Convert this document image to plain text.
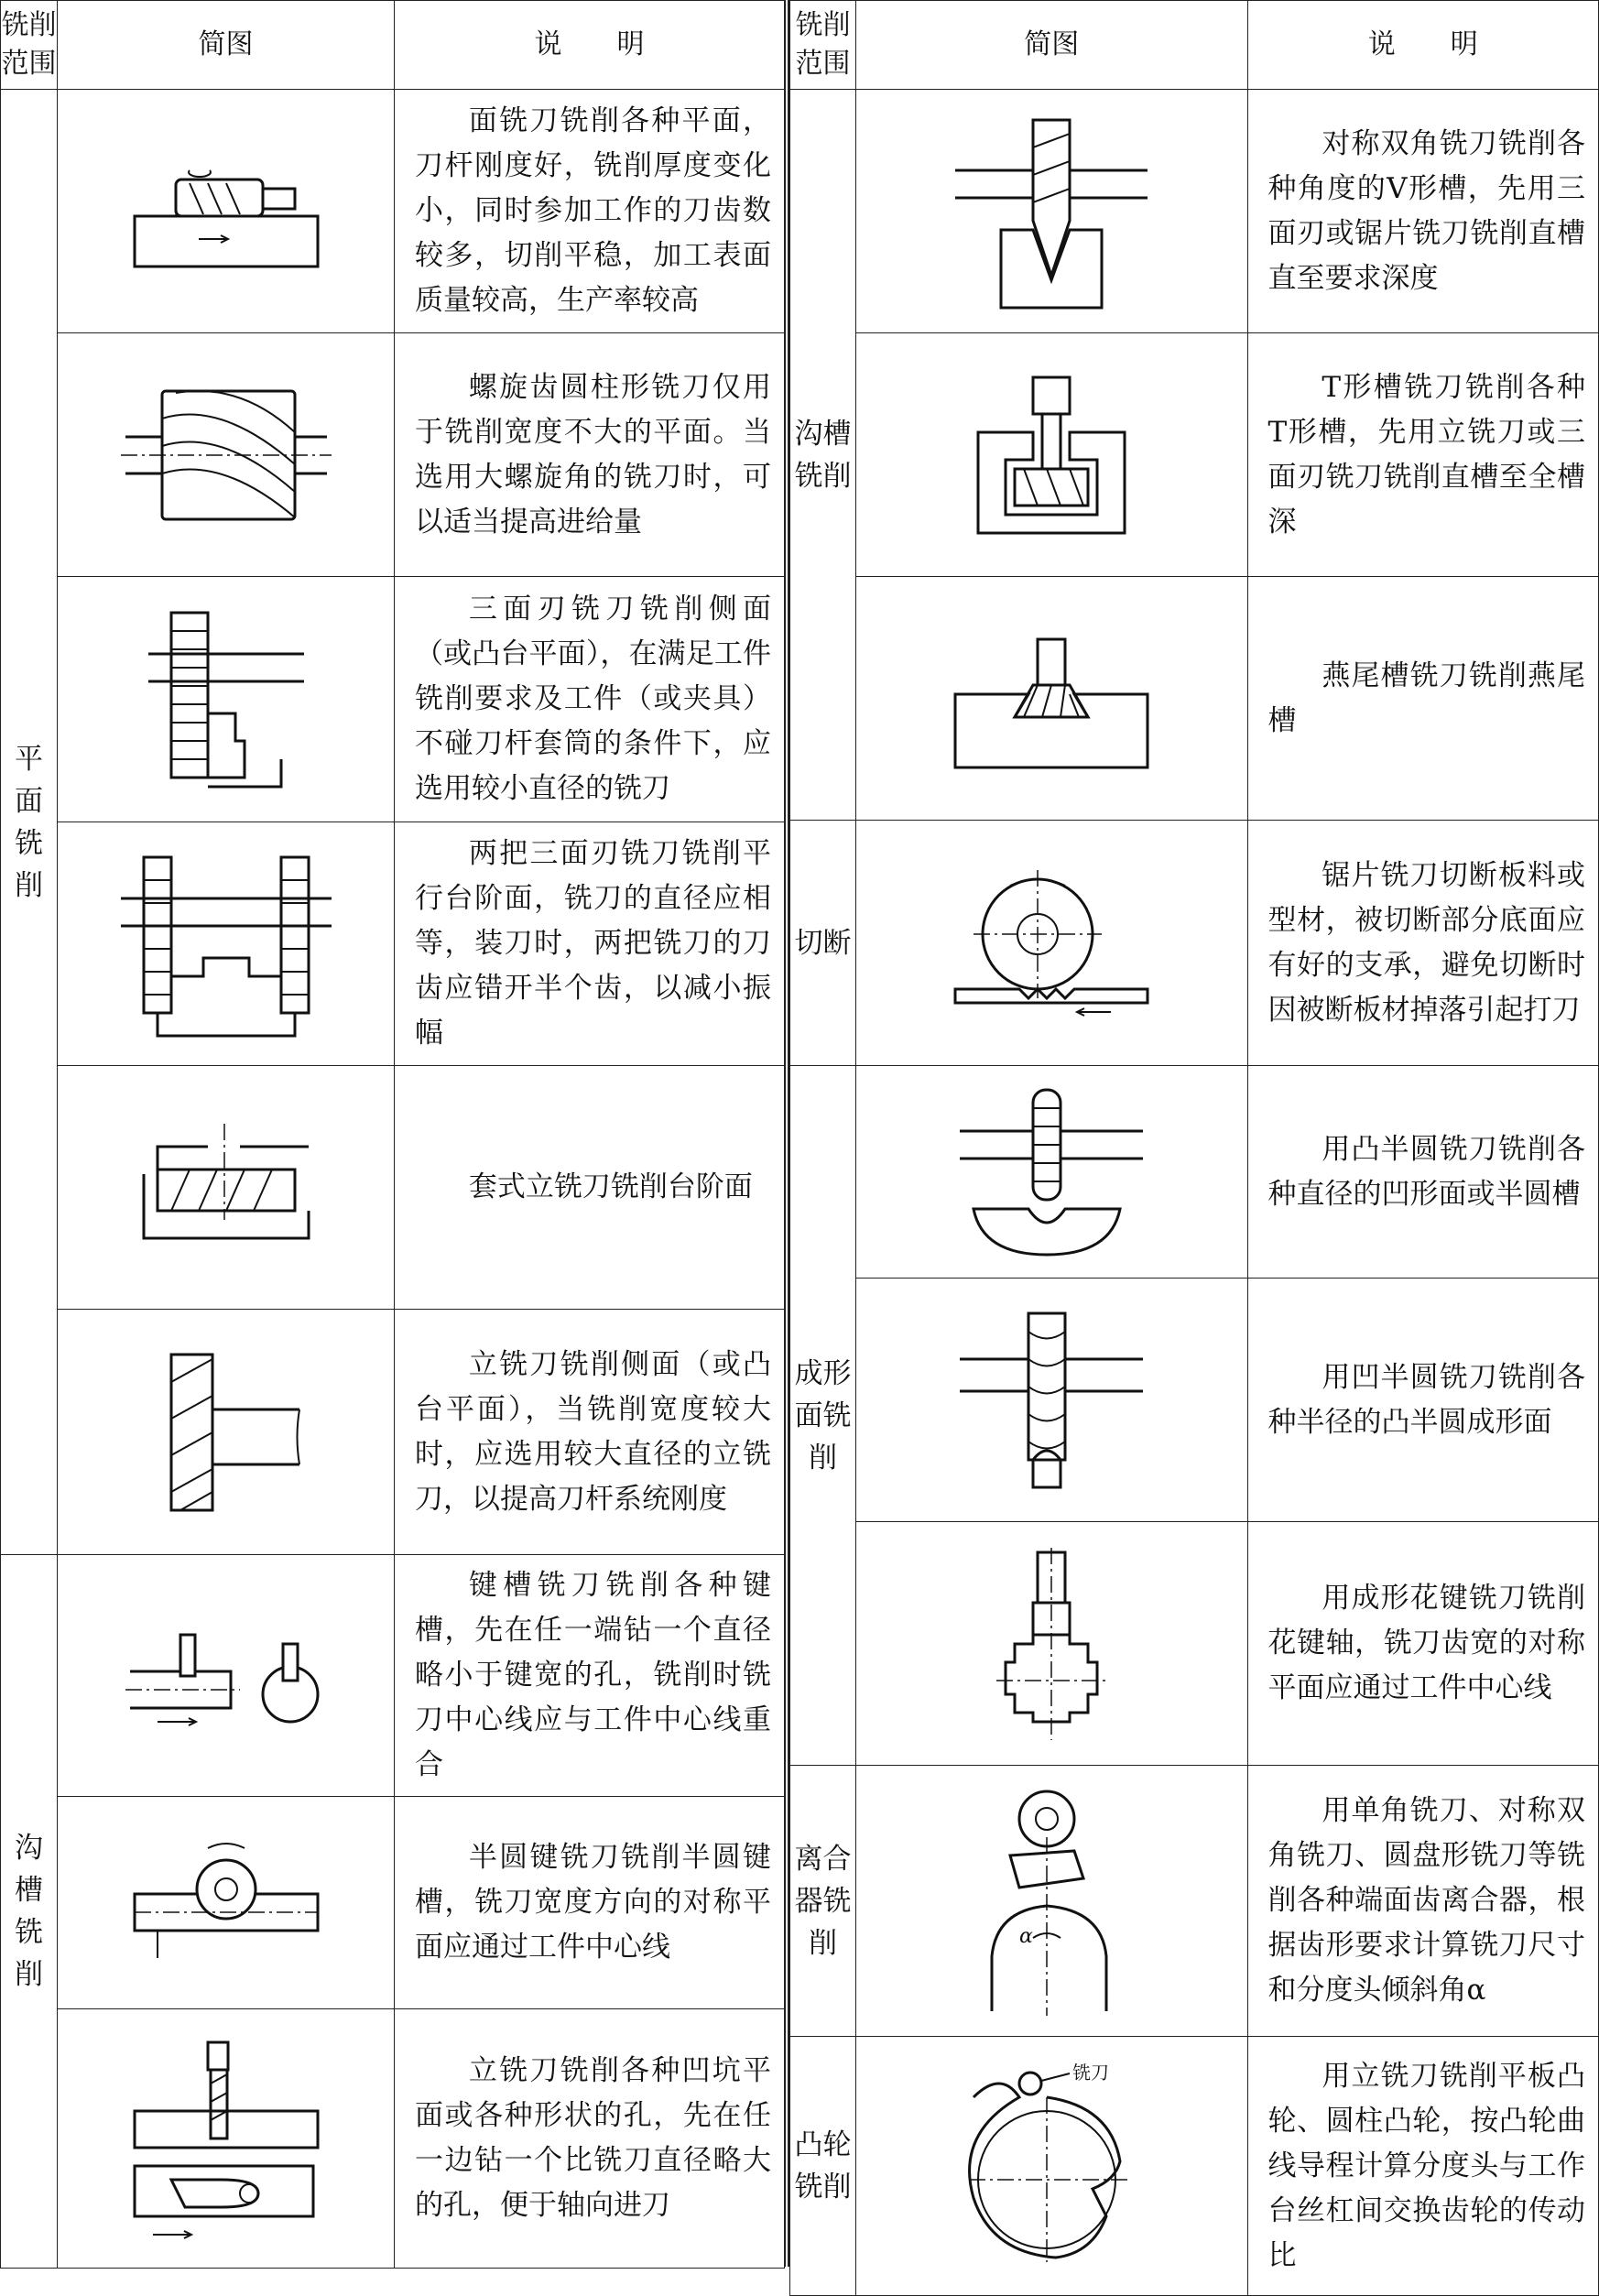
铣削范围	简图	说　　明
平面铣削		面铣刀铣削各种平面，刀杆刚度好，铣削厚度变化小，同时参加工作的刀齿数较多，切削平稳，加工表面质量较高，生产率较高

	螺旋齿圆柱形铣刀仅用于铣削宽度不大的平面。当选用大螺旋角的铣刀时，可以适当提高进给量

	三面刃铣刀铣削侧面（或凸台平面），在满足工件铣削要求及工件（或夹具）不碰刀杆套筒的条件下，应选用较小直径的铣刀

	两把三面刃铣刀铣削平行台阶面，铣刀的直径应相等，装刀时，两把铣刀的刀齿应错开半个齿，以减小振幅

	套式立铣刀铣削台阶面

	立铣刀铣削侧面（或凸台平面），当铣削宽度较大时，应选用较大直径的立铣刀，以提高刀杆系统刚度
沟槽铣削		键槽铣刀铣削各种键槽，先在任一端钻一个直径略小于键宽的孔，铣削时铣刀中心线应与工件中心线重合

	半圆键铣刀铣削半圆键槽，铣刀宽度方向的对称平面应通过工件中心线

	立铣刀铣削各种凹坑平面或各种形状的孔，先在任一边钻一个比铣刀直径略大的孔，便于轴向进刀
铣削范围	简图	说　　明
沟槽铣削		对称双角铣刀铣削各种角度的V形槽，先用三面刃或锯片铣刀铣削直槽直至要求深度

	T形槽铣刀铣削各种T形槽，先用立铣刀或三面刃铣刀铣削直槽至全槽深

	燕尾槽铣刀铣削燕尾槽
切断		锯片铣刀切断板料或型材，被切断部分底面应有好的支承，避免切断时因被断板材掉落引起打刀
成形面铣削		用凸半圆铣刀铣削各种直径的凹形面或半圆槽

	用凹半圆铣刀铣削各种半径的凸半圆成形面

	用成形花键铣刀铣削花键轴，铣刀齿宽的对称平面应通过工件中心线
离合器铣削	α	用单角铣刀、对称双角铣刀、圆盘形铣刀等铣削各种端面齿离合器，根据齿形要求计算铣刀尺寸和分度头倾斜角α
凸轮铣削	铣刀	用立铣刀铣削平板凸轮、圆柱凸轮，按凸轮曲线导程计算分度头与工作台丝杠间交换齿轮的传动比
